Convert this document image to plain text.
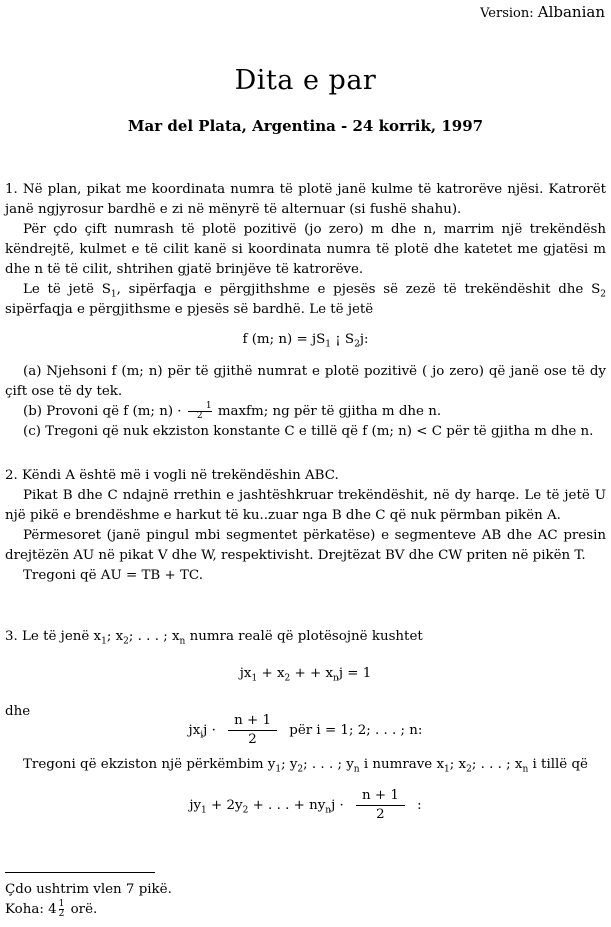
Version: Albanian
Dita e par
Mar del Plata, Argentina - 24 korrik, 1997

1. Në plan, pikat me koordinata numra të plotë janë kulme të katrorëve njësi. Katrorët janë ngjyrosur bardhë e zi në mënyrë të alternuar (si fushë shahu).

Për çdo çift numrash të plotë pozitivë (jo zero) m dhe n, marrim një trekëndësh këndrejtë, kulmet e të cilit kanë si koordinata numra të plotë dhe katetet me gjatësi m dhe n të të cilit, shtrihen gjatë brinjëve të katrorëve.

Le të jetë $S_1$, sipërfaqja e përgjithshme e pjesës së zezë të trekëndëshit dhe $S_2$ sipërfaqja e përgjithsme e pjesës së bardhë. Le të jetë

f (m; $n) = jS_1$ ¡ $S_2j$:

(a) Njehsoni f (m; n) për të gjithë numrat e plotë pozitivë ( jo zero) që janë ose të dy çift ose të dy tek.

(b) Provoni që f (m; $n) \cdot \frac{1}{2}$ maxfm; ng për të gjitha m dhe n.

(c) Tregoni që nuk ekziston konstante C e tillë që f (m; n) < C për të gjitha m dhe n.

2. Këndi A është më i vogli në trekëndëshin ABC.

Pikat B dhe C ndajnë rrethin e jashtëshkruar trekëndëshit, në dy harqe. Le të jetë U një pikë e brendëshme e harkut të ku..zuar nga B dhe C që nuk përmban pikën A.

Përmesoret (janë pingul mbi segmentet përkatëse) e segmenteve AB dhe AC presin drejtëzën AU në pikat V dhe W, respektivisht. Drejtëzat BV dhe CW priten në pikën T.

Tregoni që AU = TB + TC.

3. Le të jenë $x_1$; $x_2$; . . . ; $x_n$ numra realë që plotësojnë kushtet

$jx_1 + x_2$ + + $x_nj = 1$
dhe
$jx_ij \cdot \frac{n + 1}{2}$ për i = 1; 2; . . . ; n:

Tregoni që ekziston një përkëmbim $y_1$; $y_2$; . . . ; $y_n$ i numrave $x_1$; $x_2$; . . . ; $x_n$ i tillë që

$jy_1 + 2y_2$ + . . . + $ny_nj \cdot \frac{n + 1}{2}$ :
Çdo ushtrim vlen 7 pikë.
Koha: $4 \frac{1}{2}$ orë.
